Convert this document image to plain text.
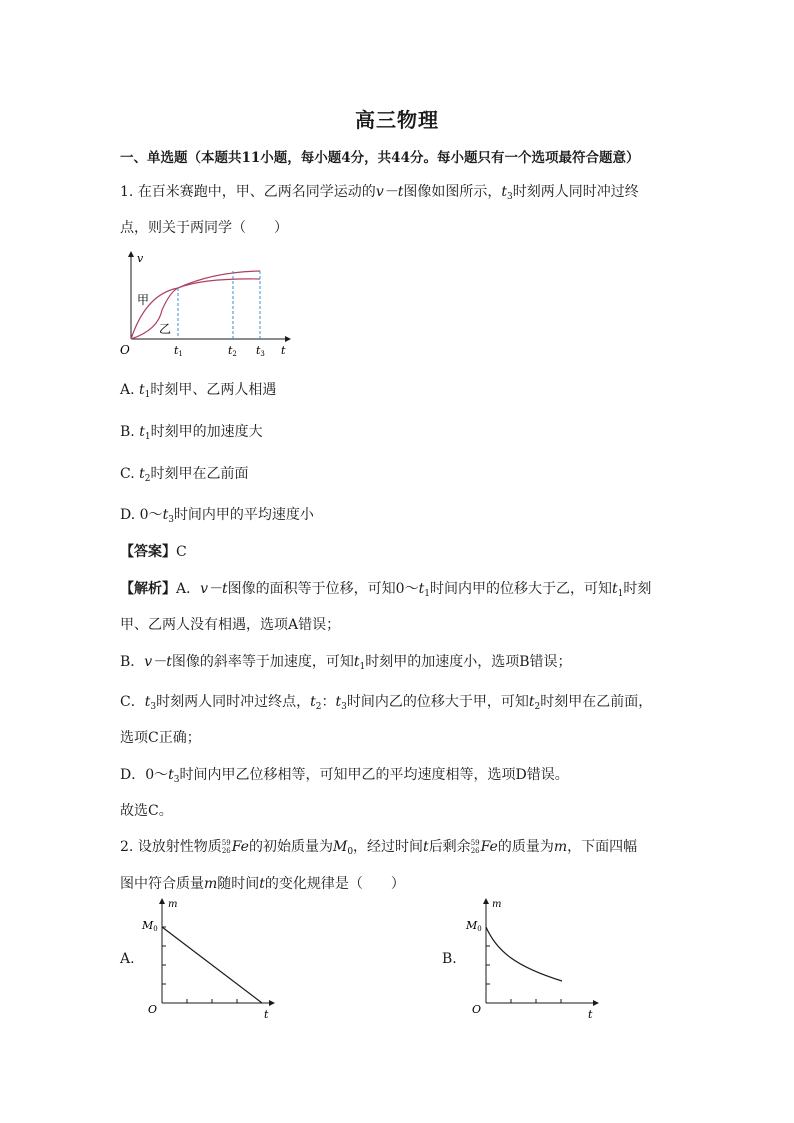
高三物理
一、单选题（本题共11小题，每小题4分，共44分。每小题只有一个选项最符合题意）
1. 在百米赛跑中，甲、乙两名同学运动的v－t图像如图所示，$t_3$时刻两人同时冲过终
点，则关于两同学（　　）
v
O	t
甲
乙
t1	t2 t3
A. $t_1$时刻甲、乙两人相遇
B. $t_1$时刻甲的加速度大
C. $t_2$时刻甲在乙前面
D. $0\sim t_3$时间内甲的平均速度小
【答案】C
【解析】A．v－t图像的面积等于位移，可知$0\sim t_1$时间内甲的位移大于乙，可知$t_1$时刻
甲、乙两人没有相遇，选项A错误；
B．v－t图像的斜率等于加速度，可知$t_1$时刻甲的加速度小，选项B错误；
C．$t_3$时刻两人同时冲过终点，$t_2$：$t_3$时间内乙的位移大于甲，可知$t_2$时刻甲在乙前面，
选项C正确；
D．$0\sim t_3$时间内甲乙位移相等，可知甲乙的平均速度相等，选项D错误。
故选C。
2. 设放射性物质59
26Fe的初始质量为$M_0$，经过时间t后剩余59
26Fe的质量为m，下面四幅
图中符合质量m随时间t的变化规律是（　　）
A.
m
M0
O	t
B.
m
M0
O	t
